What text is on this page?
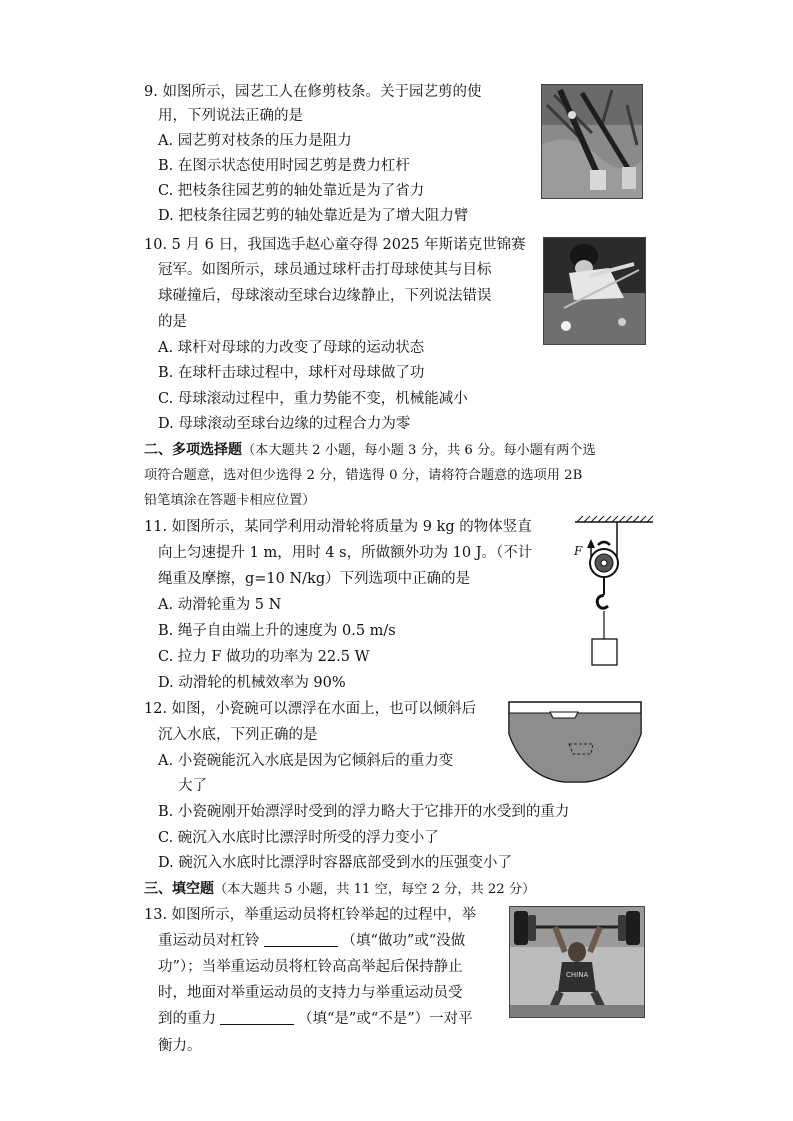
9. 如图所示，园艺工人在修剪枝条。关于园艺剪的使
用，下列说法正确的是
A. 园艺剪对枝条的压力是阻力
B. 在图示状态使用时园艺剪是费力杠杆
C. 把枝条往园艺剪的轴处靠近是为了省力
D. 把枝条往园艺剪的轴处靠近是为了增大阻力臂
10. 5 月 6 日，我国选手赵心童夺得 2025 年斯诺克世锦赛
冠军。如图所示，球员通过球杆击打母球使其与目标
球碰撞后，母球滚动至球台边缘静止，下列说法错误
的是
A. 球杆对母球的力改变了母球的运动状态
B. 在球杆击球过程中，球杆对母球做了功
C. 母球滚动过程中，重力势能不变，机械能减小
D. 母球滚动至球台边缘的过程合力为零
二、多项选择题（本大题共 2 小题，每小题 3 分，共 6 分。每小题有两个选
项符合题意，选对但少选得 2 分，错选得 0 分，请将符合题意的选项用 2B
铅笔填涂在答题卡相应位置）
11. 如图所示，某同学利用动滑轮将质量为 9 kg 的物体竖直
向上匀速提升 1 m，用时 4 s，所做额外功为 10 J。（不计
绳重及摩擦，g=10 N/kg）下列选项中正确的是
A. 动滑轮重为 5 N
B. 绳子自由端上升的速度为 0.5 m/s
C. 拉力 F 做功的功率为 22.5 W
D. 动滑轮的机械效率为 90%
F
12. 如图，小瓷碗可以漂浮在水面上，也可以倾斜后
沉入水底，下列正确的是
A. 小瓷碗能沉入水底是因为它倾斜后的重力变
大了
B. 小瓷碗刚开始漂浮时受到的浮力略大于它排开的水受到的重力
C. 碗沉入水底时比漂浮时所受的浮力变小了
D. 碗沉入水底时比漂浮时容器底部受到水的压强变小了
三、填空题（本大题共 5 小题，共 11 空，每空 2 分，共 22 分）
13. 如图所示，举重运动员将杠铃举起的过程中，举
重运动员对杠铃	（填“做功”或“没做
功”）；当举重运动员将杠铃高高举起后保持静止
时，地面对举重运动员的支持力与举重运动员受
到的重力	（填“是”或“不是”）一对平
衡力。
CHINA
